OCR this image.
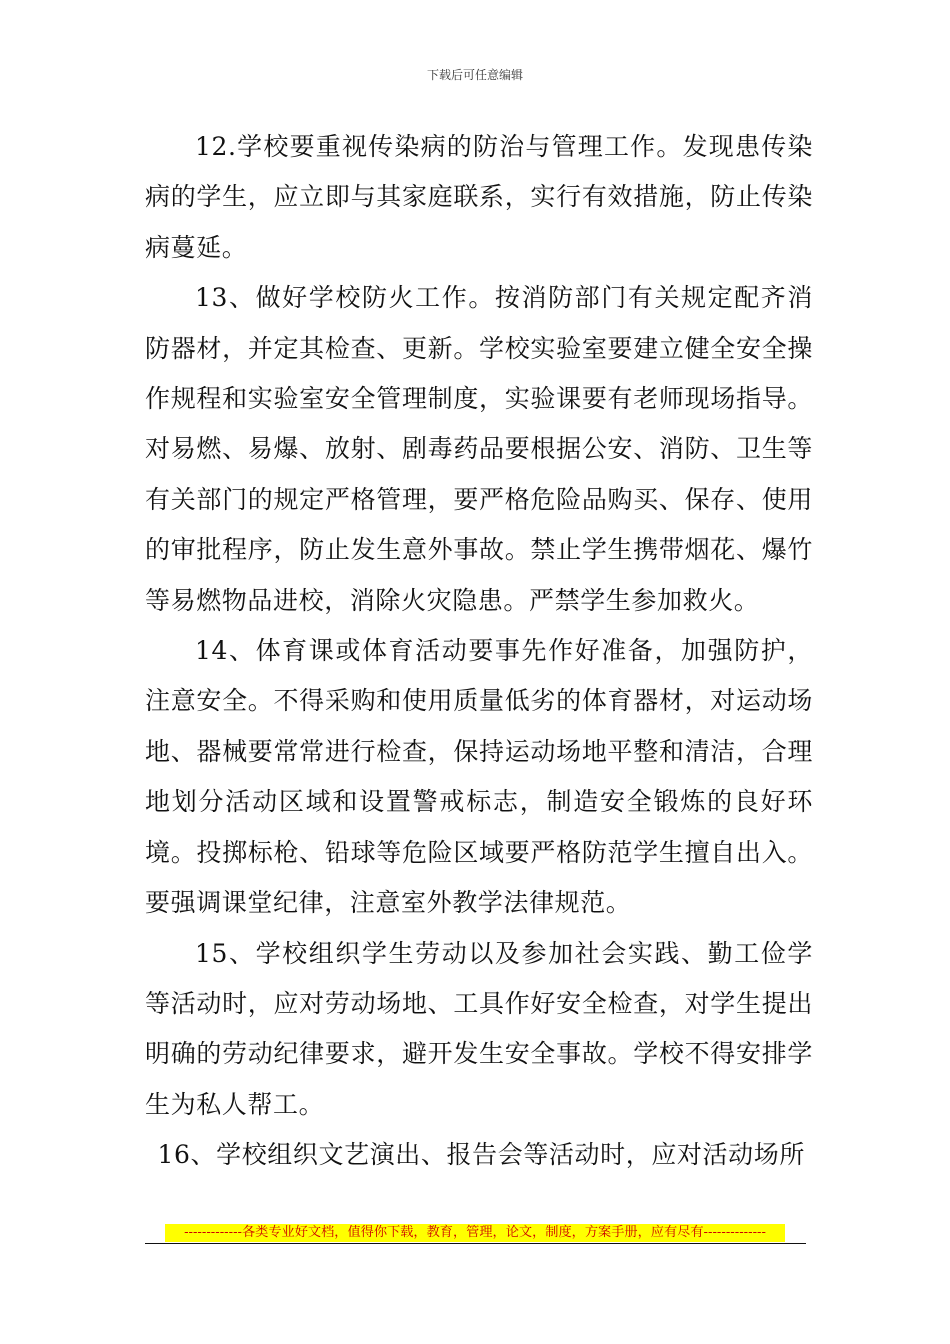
下载后可任意编辑

12.学校要重视传染病的防治与管理工作。发现患传染病的学生，应立即与其家庭联系，实行有效措施，防止传染病蔓延。

13、做好学校防火工作。按消防部门有关规定配齐消防器材，并定其检查、更新。学校实验室要建立健全安全操作规程和实验室安全管理制度，实验课要有老师现场指导。对易燃、易爆、放射、剧毒药品要根据公安、消防、卫生等有关部门的规定严格管理，要严格危险品购买、保存、使用的审批程序，防止发生意外事故。禁止学生携带烟花、爆竹等易燃物品进校，消除火灾隐患。严禁学生参加救火。

14、体育课或体育活动要事先作好准备，加强防护，注意安全。不得采购和使用质量低劣的体育器材，对运动场地、器械要常常进行检查，保持运动场地平整和清洁，合理地划分活动区域和设置警戒标志，制造安全锻炼的良好环境。投掷标枪、铅球等危险区域要严格防范学生擅自出入。要强调课堂纪律，注意室外教学法律规范。

15、学校组织学生劳动以及参加社会实践、勤工俭学等活动时，应对劳动场地、工具作好安全检查，对学生提出明确的劳动纪律要求，避开发生安全事故。学校不得安排学生为私人帮工。

16、学校组织文艺演出、报告会等活动时，应对活动场所

-------------各类专业好文档，值得你下载，教育，管理，论文，制度，方案手册，应有尽有--------------
